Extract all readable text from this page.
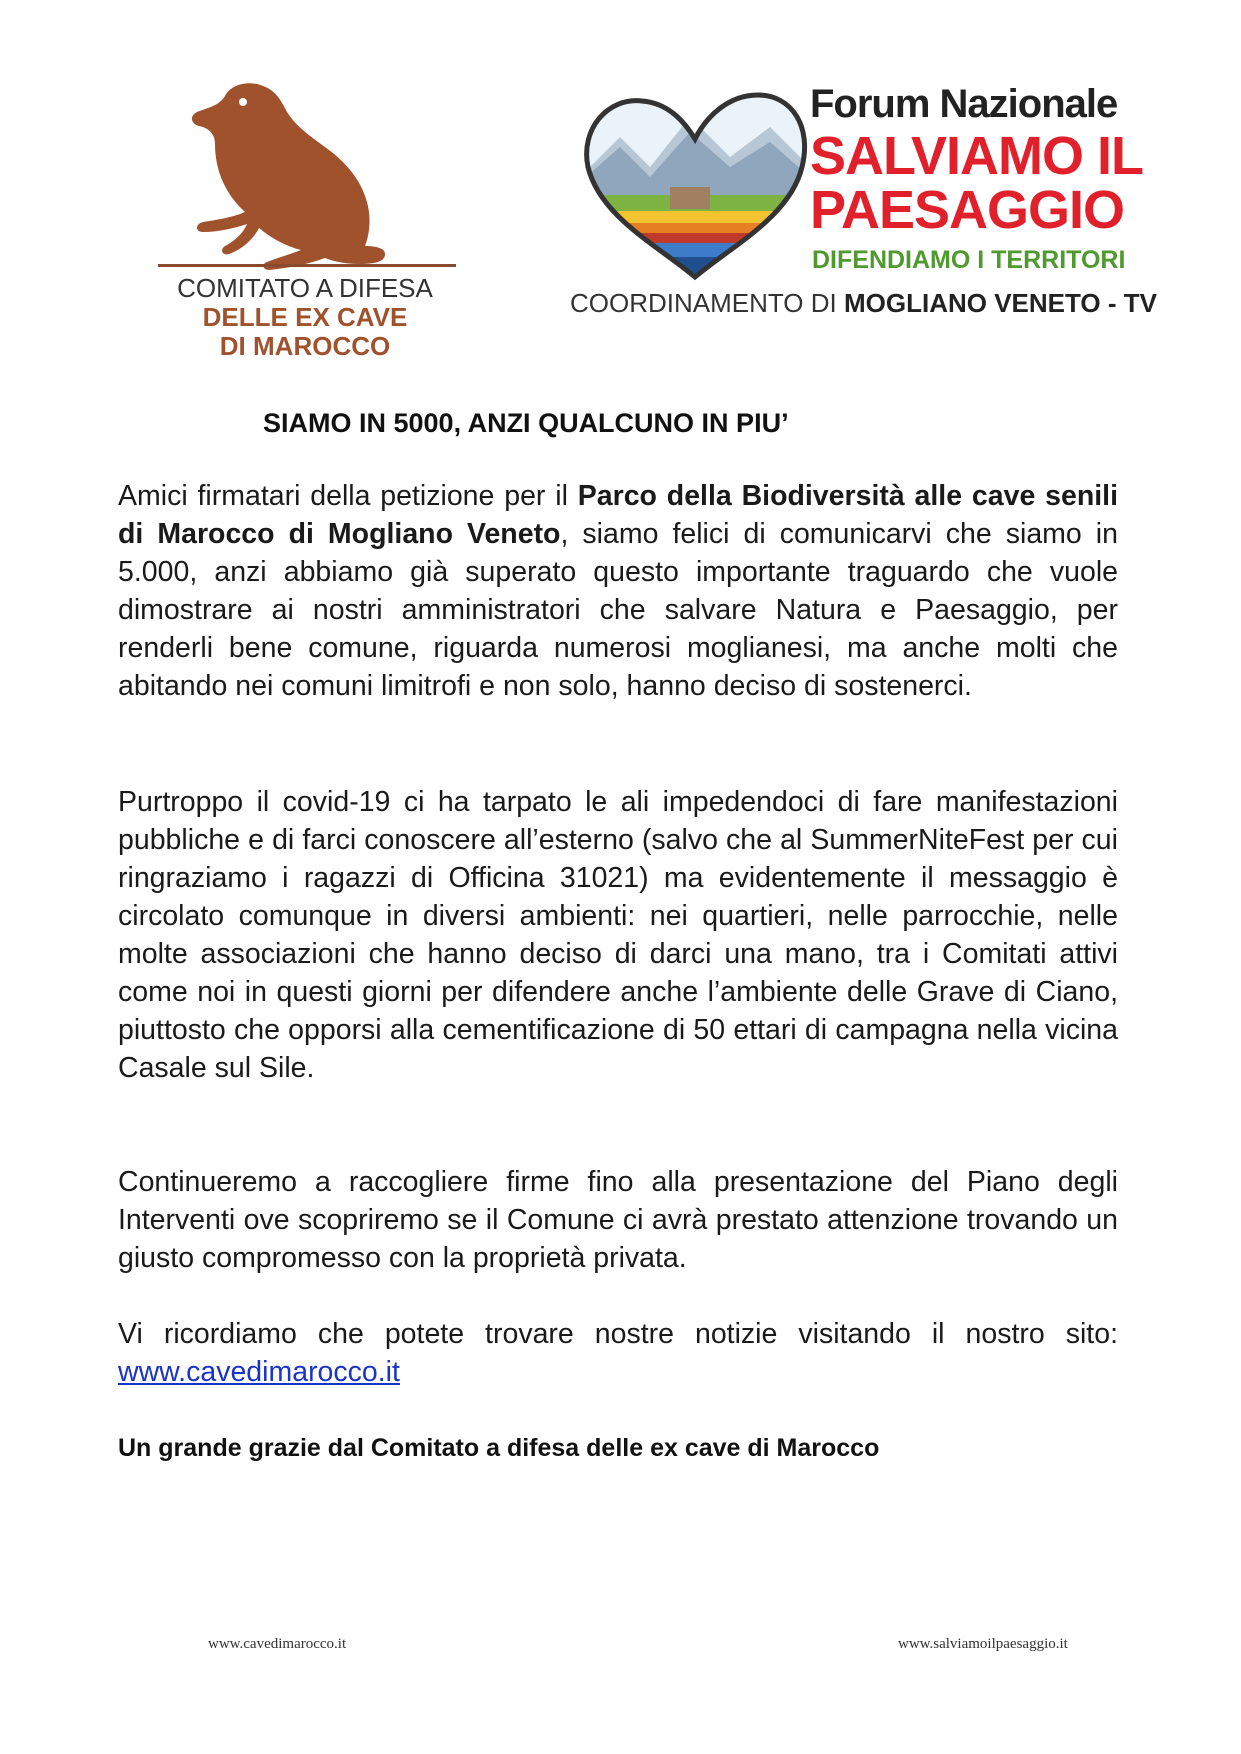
COMITATO A DIFESA
DELLE EX CAVE
DI MAROCCO
Forum Nazionale
SALVIAMO IL
PAESAGGIO
DIFENDIAMO I TERRITORI
COORDINAMENTO DI MOGLIANO VENETO - TV
SIAMO IN 5000, ANZI QUALCUNO IN PIU’

Amici firmatari della petizione per il Parco della Biodiversità alle cave senili di Marocco di Mogliano Veneto, siamo felici di comunicarvi che siamo in 5.000, anzi abbiamo già superato questo importante traguardo che vuole dimostrare ai nostri amministratori che salvare Natura e Paesaggio, per renderli bene comune, riguarda numerosi moglianesi, ma anche molti che abitando nei comuni limitrofi e non solo, hanno deciso di sostenerci.

Purtroppo il covid-19 ci ha tarpato le ali impedendoci di fare manifestazioni pubbliche e di farci conoscere all’esterno (salvo che al SummerNiteFest per cui ringraziamo i ragazzi di Officina 31021) ma evidentemente il messaggio è circolato comunque in diversi ambienti: nei quartieri, nelle parrocchie, nelle molte associazioni che hanno deciso di darci una mano, tra i Comitati attivi come noi in questi giorni per difendere anche l’ambiente delle Grave di Ciano, piuttosto che opporsi alla cementificazione di 50 ettari di campagna nella vicina Casale sul Sile.

Continueremo a raccogliere firme fino alla presentazione del Piano degli Interventi ove scopriremo se il Comune ci avrà prestato attenzione trovando un giusto compromesso con la proprietà privata.

Vi ricordiamo che potete trovare nostre notizie visitando il nostro sito: www.cavedimarocco.it

Un grande grazie dal Comitato a difesa delle ex cave di Marocco
www.cavedimarocco.it	www.salviamoilpaesaggio.it
